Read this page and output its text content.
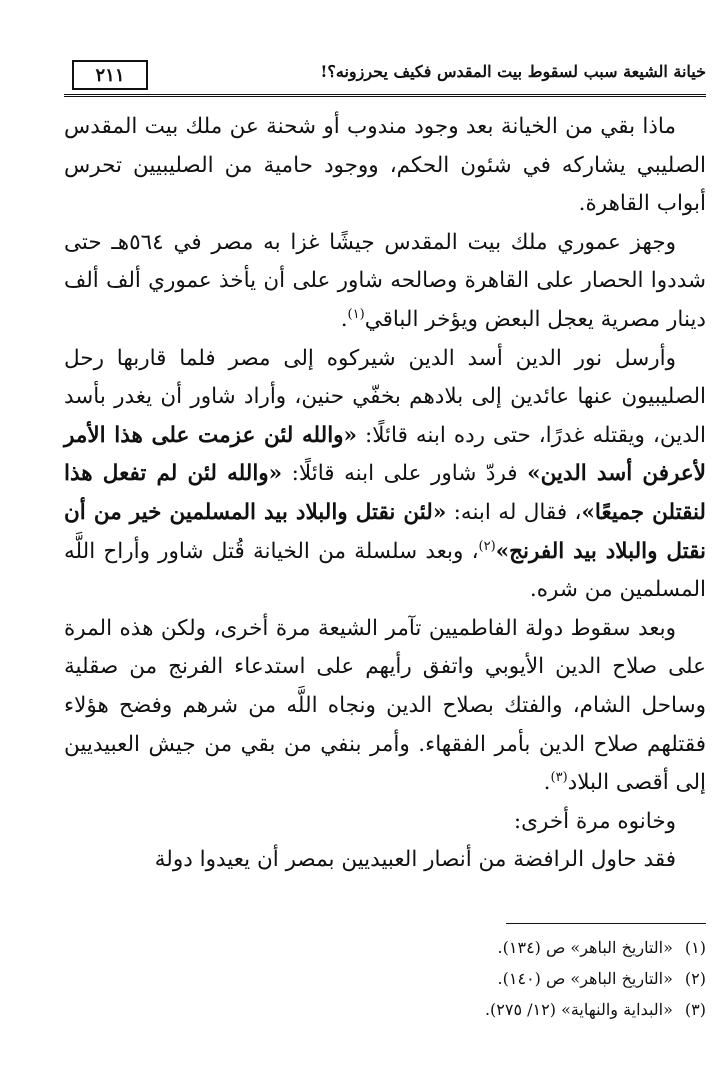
خيانة الشيعة سبب لسقوط بيت المقدس فكيف يحرزونه؟!
٢١١

ماذا بقي من الخيانة بعد وجود مندوب أو شحنة عن ملك بيت المقدس الصليبي يشاركه في شئون الحكم، ووجود حامية من الصليبيين تحرس أبواب القاهرة.

وجهز عموري ملك بيت المقدس جيشًا غزا به مصر في ٥٦٤هـ حتى شددوا الحصار على القاهرة وصالحه شاور على أن يأخذ عموري ألف ألف دينار مصرية يعجل البعض ويؤخر الباقي$^{(١)}$.

وأرسل نور الدين أسد الدين شيركوه إلى مصر فلما قاربها رحل الصليبيون عنها عائدين إلى بلادهم بخفّي حنين، وأراد شاور أن يغدر بأسد الدين، ويقتله غدرًا، حتى رده ابنه قائلًا: «والله لئن عزمت على هذا الأمر لأعرفن أسد الدين» فردّ شاور على ابنه قائلًا: «والله لئن لم تفعل هذا لنقتلن جميعًا»، فقال له ابنه: «لئن نقتل والبلاد بيد المسلمين خير من أن نقتل والبلاد بيد الفرنج»$^{(٢)}$، وبعد سلسلة من الخيانة قُتل شاور وأراح اللَّه المسلمين من شره.

وبعد سقوط دولة الفاطميين تآمر الشيعة مرة أخرى، ولكن هذه المرة على صلاح الدين الأيوبي واتفق رأيهم على استدعاء الفرنج من صقلية وساحل الشام، والفتك بصلاح الدين ونجاه اللَّه من شرهم وفضح هؤلاء فقتلهم صلاح الدين بأمر الفقهاء. وأمر بنفي من بقي من جيش العبيديين إلى أقصى البلاد$^{(٣)}$.

وخانوه مرة أخرى:

فقد حاول الرافضة من أنصار العبيديين بمصر أن يعيدوا دولة

(١) «التاريخ الباهر» ص (١٣٤).
(٢) «التاريخ الباهر» ص (١٤٠).
(٣) «البداية والنهاية» (١٢/ ٢٧٥).
